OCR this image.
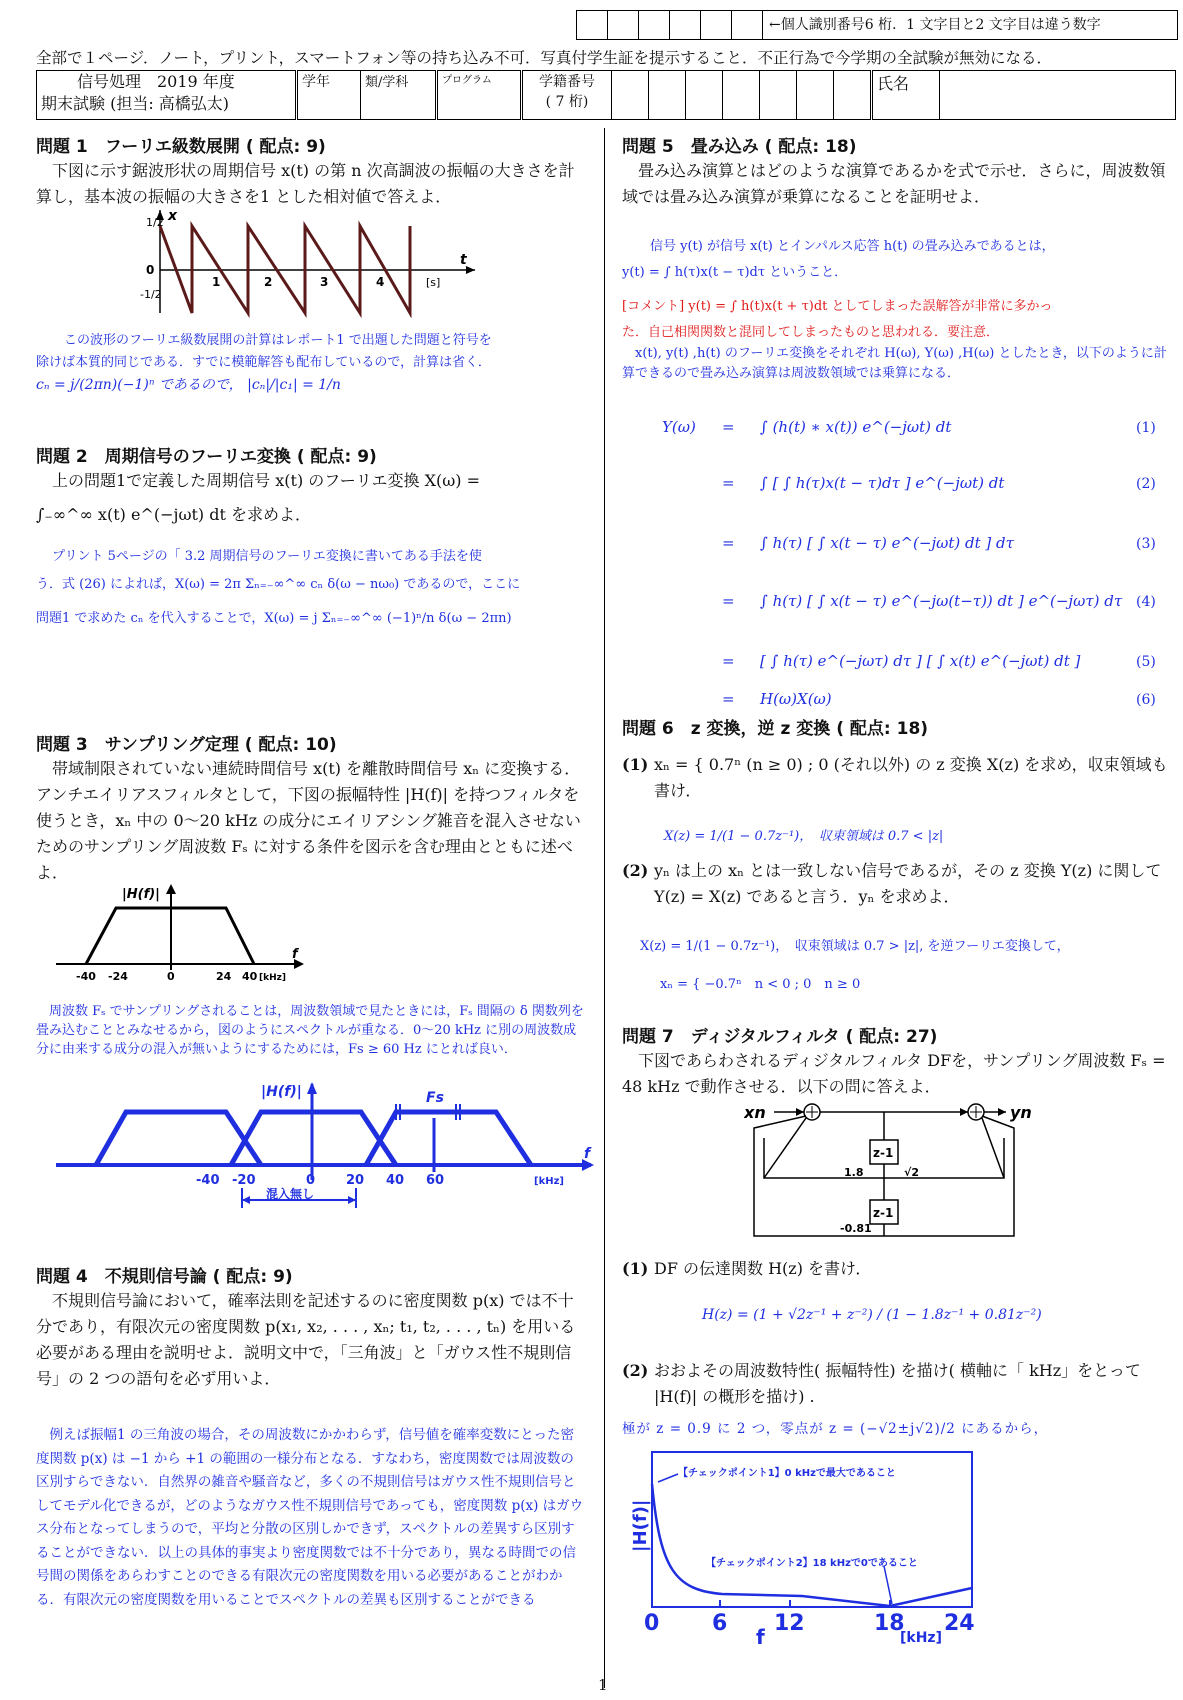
←個人識別番号6 桁．1 文字目と2 文字目は違う数字
全部で１ページ．ノート，プリント，スマートフォン等の持ち込み不可．写真付学生証を提示すること．不正行為で今学期の全試験が無効になる．
信号処理　2019 年度
期末試験 (担当: 高橋弘太)
	学年	類/学科	プログラム	学籍番号
( 7 桁)
								氏名	
問題 1　フーリエ級数展開 ( 配点: 9)
下図に示す鋸波形状の周期信号 x(t) の第 n 次高調波の振幅の大きさを計算し，基本波の振幅の大きさを1 とした相対値で答えよ．
1/2
-1/2
0
1	2	3	4	[s]
t
x
この波形のフーリエ級数展開の計算はレポート1 で出題した問題と符号を
除けば本質的同じである．すでに模範解答も配布しているので，計算は省く．
cₙ = j/(2πn)(−1)ⁿ であるので， |cₙ|/|c₁| = 1/n
問題 2　周期信号のフーリエ変換 ( 配点: 9)
上の問題1で定義した周期信号 x(t) のフーリエ変換 X(ω) =
∫₋∞^∞ x(t) e^(−jωt) dt を求めよ．
プリント 5ページの「 3.2 周期信号のフーリエ変換に書いてある手法を使
う．式 (26) によれば，X(ω) = 2π Σₙ₌₋∞^∞ cₙ δ(ω − nω₀) であるので，ここに
問題1 で求めた cₙ を代入することで，X(ω) = j Σₙ₌₋∞^∞ (−1)ⁿ/n δ(ω − 2πn)
問題 3　サンプリング定理 ( 配点: 10)
帯域制限されていない連続時間信号 x(t) を離散時間信号 xₙ に変換する．アンチエイリアスフィルタとして，下図の振幅特性 |H(f)| を持つフィルタを使うとき，xₙ 中の 0〜20 kHz の成分にエイリアシング雑音を混入させないためのサンプリング周波数 Fₛ に対する条件を図示を含む理由とともに述べよ．
|H(f)|
-40 -24	0	24 40 [kHz]
f
周波数 Fₛ でサンプリングされることは，周波数領域で見たときには，Fₛ 間隔の δ 関数列を畳み込むこととみなせるから，図のようにスペクトルが重なる．0〜20 kHz に別の周波数成分に由来する成分の混入が無いようにするためには，Fs ≥ 60 Hz にとれば良い．
|H(f)|	Fs
-40 -20	0 20 40 60	[kHz]
f
混入無し
問題 4　不規則信号論 ( 配点: 9)
不規則信号論において，確率法則を記述するのに密度関数 p(x) では不十分であり，有限次元の密度関数 p(x₁, x₂, . . . , xₙ; t₁, t₂, . . . , tₙ) を用いる必要がある理由を説明せよ．説明文中で，「三角波」と「ガウス性不規則信号」の 2 つの語句を必ず用いよ．
例えば振幅1 の三角波の場合，その周波数にかかわらず，信号値を確率変数にとった密度関数 p(x) は −1 から +1 の範囲の一様分布となる．すなわち，密度関数では周波数の区別すらできない．自然界の雑音や騒音など，多くの不規則信号はガウス性不規則信号としてモデル化できるが，どのようなガウス性不規則信号であっても，密度関数 p(x) はガウス分布となってしまうので，平均と分散の区別しかできず，スペクトルの差異すら区別することができない．以上の具体的事実より密度関数では不十分であり，異なる時間での信号間の関係をあらわすことのできる有限次元の密度関数を用いる必要があることがわかる．有限次元の密度関数を用いることでスペクトルの差異も区別することができる
問題 5　畳み込み ( 配点: 18)
畳み込み演算とはどのような演算であるかを式で示せ．さらに，周波数領域では畳み込み演算が乗算になることを証明せよ．
信号 y(t) が信号 x(t) とインパルス応答 h(t) の畳み込みであるとは，
y(t) = ∫ h(τ)x(t − τ)dτ ということ．
[コメント] y(t) = ∫ h(t)x(t + τ)dt としてしまった誤解答が非常に多かっ
た．自己相関関数と混同してしまったものと思われる．要注意．
x(t), y(t) ,h(t) のフーリエ変換をそれぞれ H(ω), Y(ω) ,H(ω) としたとき，以下のように計算できるので畳み込み演算は周波数領域では乗算になる．
Y(ω) = ∫ (h(t) ∗ x(t)) e^(−jωt) dt	(1)
= ∫ [ ∫ h(τ)x(t − τ)dτ ] e^(−jωt) dt	(2)
= ∫ h(τ) [ ∫ x(t − τ) e^(−jωt) dt ] dτ	(3)
= ∫ h(τ) [ ∫ x(t − τ) e^(−jω(t−τ)) dt ] e^(−jωτ) dτ (4)
= [ ∫ h(τ) e^(−jωτ) dτ ] [ ∫ x(t) e^(−jωt) dt ]	(5)
= H(ω)X(ω)	(6)
問題 6　z 変換，逆 z 変換 ( 配点: 18)
(1) xₙ = { 0.7ⁿ (n ≥ 0) ; 0 (それ以外) の z 変換 X(z) を求め，収束領域も書け．
X(z) = 1/(1 − 0.7z⁻¹)，　収束領域は 0.7 < |z|
(2) yₙ は上の xₙ とは一致しない信号であるが，その z 変換 Y(z) に関して Y(z) = X(z) であると言う．yₙ を求めよ．
X(z) = 1/(1 − 0.7z⁻¹)，　収束領域は 0.7 > |z|, を逆フーリエ変換して，
xₙ = { −0.7ⁿ　n < 0 ; 0　n ≥ 0
問題 7　ディジタルフィルタ ( 配点: 27)
下図であらわされるディジタルフィルタ DFを，サンプリング周波数 Fₛ = 48 kHz で動作させる．以下の問に答えよ．
xn	yn
z-1
z-1
1.8	√2
-0.81
(1) DF の伝達関数 H(z) を書け．
H(z) = (1 + √2z⁻¹ + z⁻²) / (1 − 1.8z⁻¹ + 0.81z⁻²)
(2) おおよその周波数特性( 振幅特性) を描け( 横軸に「 kHz」をとって |H(f)| の概形を描け) .
極が z = 0.9 に 2 つ，零点が z = (−√2±j√2)/2 にあるから，
【チェックポイント1】0 kHzで最大であること
【チェックポイント2】18 kHzで0であること
|H(f)|
0 6 12	18 24
f	[kHz]
1
